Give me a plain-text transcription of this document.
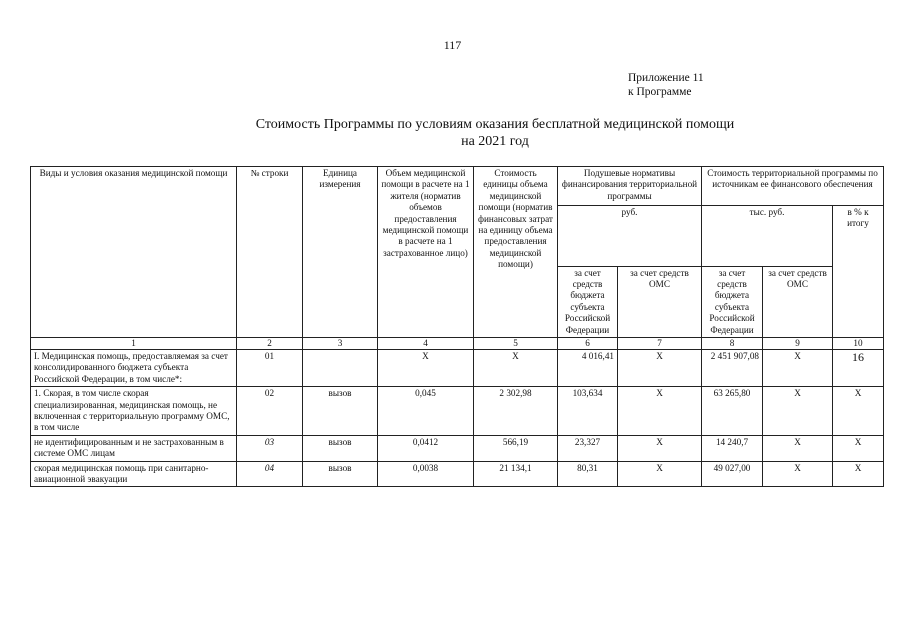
117
Приложение 11
к Программе
Стоимость Программы по условиям оказания бесплатной медицинской помощи
на 2021 год
Виды и условия оказания медицинской помощи	№ строки	Единица измерения	Объем медицинской помощи в расчете на 1 жителя (норматив объемов предоставления медицинской помощи в расчете на 1 застрахованное лицо)	Стоимость единицы объема медицинской помощи (норматив финансовых затрат на единицу объема предоставления медицинской помощи)	Подушевые нормативы финансирования территориальной программы		Стоимость территориальной программы по источникам ее финансового обеспечения		
					руб.		тыс. руб.		в % к итогу
					за счет средств бюджета субъекта Российской Федерации	за счет средств ОМС	за счет средств бюджета субъекта Российской Федерации	за счет средств ОМС	
1	2	3	4	5	6	7	8	9	10
I. Медицинская помощь, предоставляемая за счет консолидированного бюджета субъекта Российской Федерации, в том числе*:	01		X	X	4 016,41	X	2 451 907,08	X	16
1. Скорая, в том числе скорая специализированная, медицинская помощь, не включенная с территориальную программу ОМС, в том числе	02	вызов	0,045	2 302,98	103,634	X	63 265,80	X	X
не идентифицированным и не застрахованным в системе ОМС лицам	03	вызов	0,0412	566,19	23,327	X	14 240,7	X	X
скорая медицинская помощь при санитарно-авиационной эвакуации	04	вызов	0,0038	21 134,1	80,31	X	49 027,00	X	X
